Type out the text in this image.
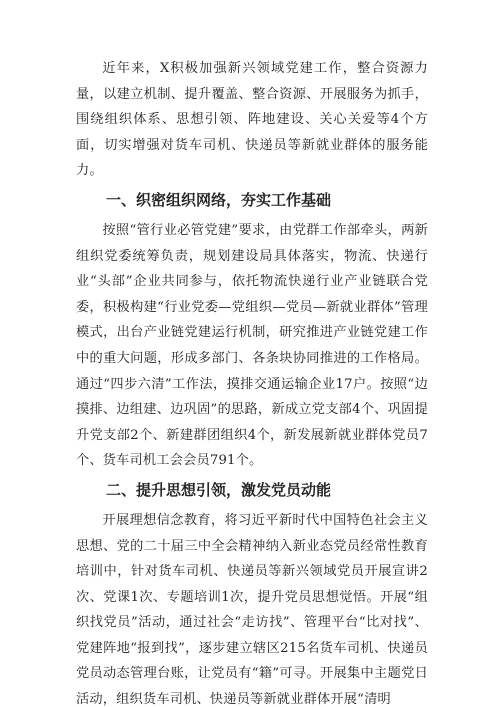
近年来，X积极加强新兴领域党建工作，整合资源力量，以建立机制、提升覆盖、整合资源、开展服务为抓手，围绕组织体系、思想引领、阵地建设、关心关爱等4个方面，切实增强对货车司机、快递员等新就业群体的服务能力。

一、织密组织网络，夯实工作基础

按照“管行业必管党建”要求，由党群工作部牵头，两新组织党委统筹负责，规划建设局具体落实，物流、快递行业“头部”企业共同参与，依托物流快递行业产业链联合党委，积极构建“行业党委—党组织—党员—新就业群体”管理模式，出台产业链党建运行机制，研究推进产业链党建工作中的重大问题，形成多部门、各条块协同推进的工作格局。通过“四步六清”工作法，摸排交通运输企业17户。按照“边摸排、边组建、边巩固”的思路，新成立党支部4个、巩固提升党支部2个、新建群团组织4个，新发展新就业群体党员7个、货车司机工会会员791个。

二、提升思想引领，激发党员动能

开展理想信念教育，将习近平新时代中国特色社会主义思想、党的二十届三中全会精神纳入新业态党员经常性教育培训中，针对货车司机、快递员等新兴领域党员开展宣讲2次、党课1次、专题培训1次，提升党员思想觉悟。开展“组织找党员”活动，通过社会“走访找”、管理平台“比对找”、党建阵地“报到找”，逐步建立辖区215名货车司机、快递员党员动态管理台账，让党员有“籍”可寻。开展集中主题党日活动，组织货车司机、快递员等新就业群体开展“清明
